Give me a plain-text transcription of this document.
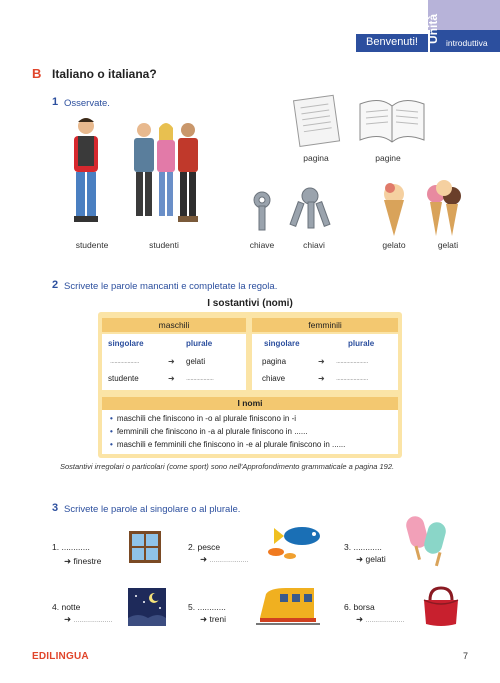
Benvenuti! Unità introduttiva
B Italiano o italiana?
1 Osservate.
studente	studenti
pagina	pagine
chiave	chiavi	gelato	gelati
2 Scrivete le parole mancanti e completate la regola.
I sostantivi (nomi)
maschili	femminili
singolare	plurale	singolare	plurale
....................	➜ gelati	pagina	➜ ......................
studente	➜ ...................	chiave	➜ ......................
I nomi
• maschili che finiscono in -o al plurale finiscono in -i
• femminili che finiscono in -a al plurale finiscono in ......
• maschili e femminili che finiscono in -e al plurale finiscono in ......
Sostantivi irregolari o particolari (come sport) sono nell'Approfondimento grammaticale a pagina 192.
3 Scrivete le parole al singolare o al plurale.
1. ............
➜ finestre
2. pesce
➜ ....................
3. ............
➜ gelati
4. notte
➜ ....................
5. ............
➜ treni
6. borsa
➜ ....................
EDILINGUA	7
